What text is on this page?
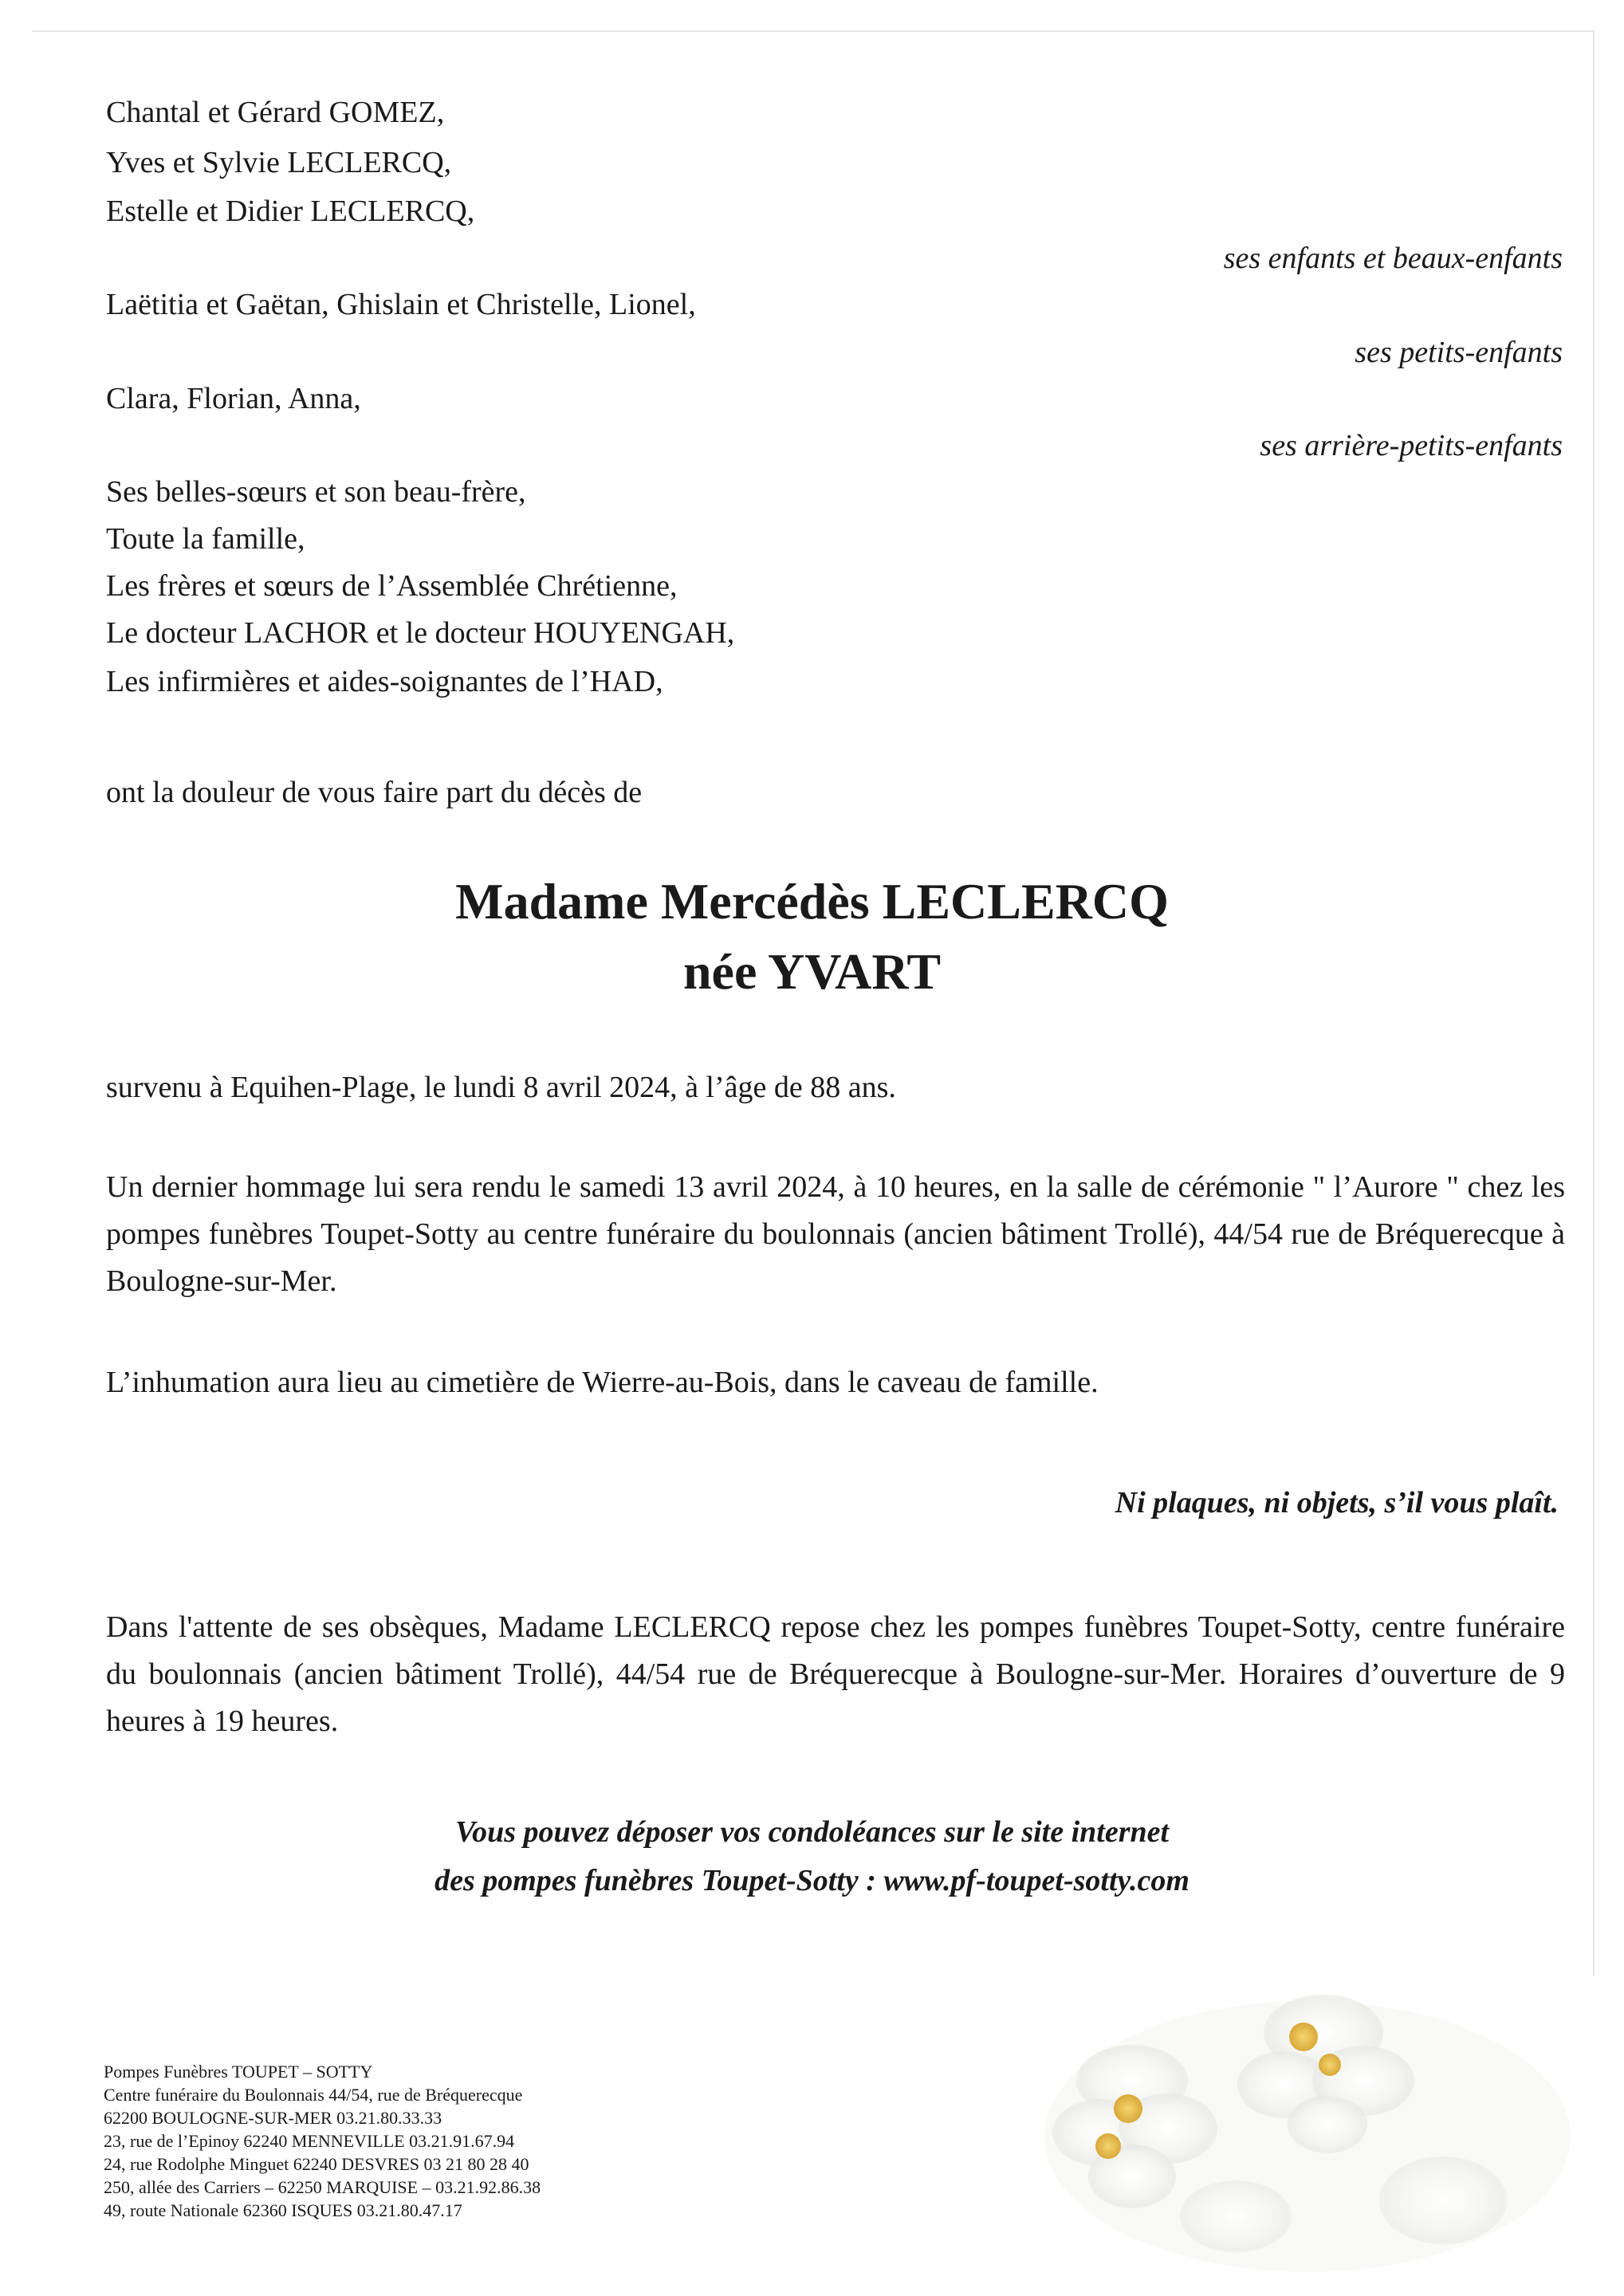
Chantal et Gérard GOMEZ,

Yves et Sylvie LECLERCQ,

Estelle et Didier LECLERCQ,

ses enfants et beaux-enfants

Laëtitia et Gaëtan, Ghislain et Christelle, Lionel,

ses petits-enfants

Clara, Florian, Anna,

ses arrière-petits-enfants

Ses belles-sœurs et son beau-frère,

Toute la famille,

Les frères et sœurs de l’Assemblée Chrétienne,

Le docteur LACHOR et le docteur HOUYENGAH,

Les infirmières et aides-soignantes de l’HAD,

ont la douleur de vous faire part du décès de

Madame Mercédès LECLERCQ

née YVART

survenu à Equihen-Plage, le lundi 8 avril 2024, à l’âge de 88 ans.

Un dernier hommage lui sera rendu le samedi 13 avril 2024, à 10 heures, en la salle de cérémonie " l’Aurore " chez les pompes funèbres Toupet-Sotty au centre funéraire du boulonnais (ancien bâtiment Trollé), 44/54 rue de Bréquerecque à Boulogne-sur-Mer.

L’inhumation aura lieu au cimetière de Wierre-au-Bois, dans le caveau de famille.

Ni plaques, ni objets, s’il vous plaît.

Dans l'attente de ses obsèques, Madame LECLERCQ repose chez les pompes funèbres Toupet-Sotty, centre funéraire du boulonnais (ancien bâtiment Trollé), 44/54 rue de Bréquerecque à Boulogne-sur-Mer. Horaires d’ouverture de 9 heures à 19 heures.

Vous pouvez déposer vos condoléances sur le site internet

des pompes funèbres Toupet-Sotty : www.pf-toupet-sotty.com

Pompes Funèbres TOUPET – SOTTY

Centre funéraire du Boulonnais 44/54, rue de Bréquerecque

62200 BOULOGNE-SUR-MER 03.21.80.33.33

23, rue de l’Epinoy 62240 MENNEVILLE 03.21.91.67.94

24, rue Rodolphe Minguet 62240 DESVRES 03 21 80 28 40

250, allée des Carriers – 62250 MARQUISE – 03.21.92.86.38

49, route Nationale 62360 ISQUES 03.21.80.47.17
